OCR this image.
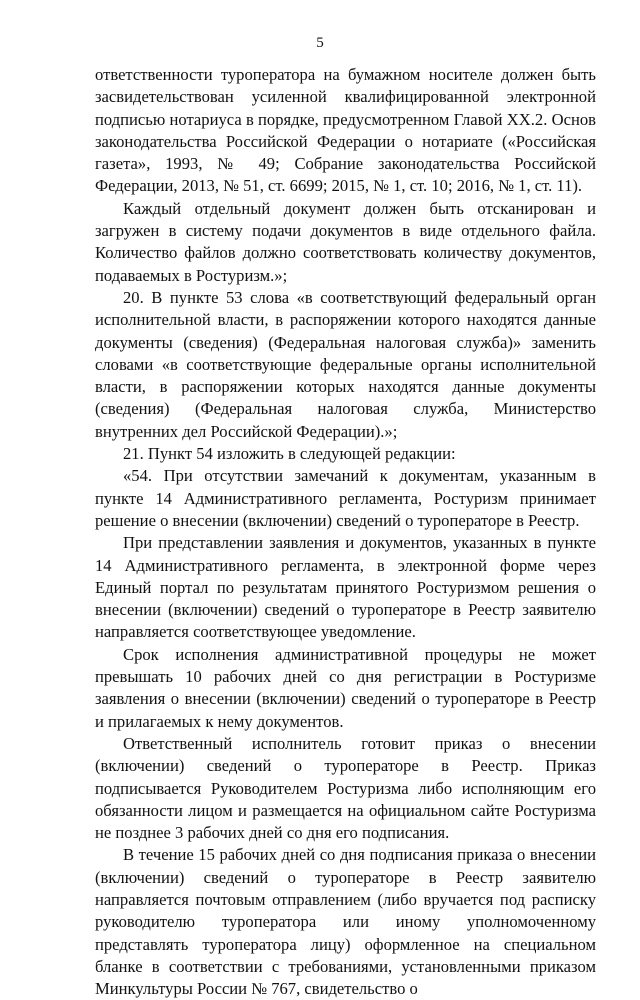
5

ответственности туроператора на бумажном носителе должен быть засвидетельствован усиленной квалифицированной электронной подписью нотариуса в порядке, предусмотренном Главой XX.2. Основ законодательства Российской Федерации о нотариате («Российская газета», 1993, № 49; Собрание законодательства Российской Федерации, 2013, № 51, ст. 6699; 2015, № 1, ст. 10; 2016, № 1, ст. 11).

Каждый отдельный документ должен быть отсканирован и загружен в систему подачи документов в виде отдельного файла. Количество файлов должно соответствовать количеству документов, подаваемых в Ростуризм.»;

20. В пункте 53 слова «в соответствующий федеральный орган исполнительной власти, в распоряжении которого находятся данные документы (сведения) (Федеральная налоговая служба)» заменить словами «в соответствующие федеральные органы исполнительной власти, в распоряжении которых находятся данные документы (сведения) (Федеральная налоговая служба, Министерство внутренних дел Российской Федерации).»;

21. Пункт 54 изложить в следующей редакции:

«54. При отсутствии замечаний к документам, указанным в пункте 14 Административного регламента, Ростуризм принимает решение о внесении (включении) сведений о туроператоре в Реестр.

При представлении заявления и документов, указанных в пункте 14 Административного регламента, в электронной форме через Единый портал по результатам принятого Ростуризмом решения о внесении (включении) сведений о туроператоре в Реестр заявителю направляется соответствующее уведомление.

Срок исполнения административной процедуры не может превышать 10 рабочих дней со дня регистрации в Ростуризме заявления о внесении (включении) сведений о туроператоре в Реестр и прилагаемых к нему документов.

Ответственный исполнитель готовит приказ о внесении (включении) сведений о туроператоре в Реестр. Приказ подписывается Руководителем Ростуризма либо исполняющим его обязанности лицом и размещается на официальном сайте Ростуризма не позднее 3 рабочих дней со дня его подписания.

В течение 15 рабочих дней со дня подписания приказа о внесении (включении) сведений о туроператоре в Реестр заявителю направляется почтовым отправлением (либо вручается под расписку руководителю туроператора или иному уполномоченному представлять туроператора лицу) оформленное на специальном бланке в соответствии с требованиями, установленными приказом Минкультуры России № 767, свидетельство о
